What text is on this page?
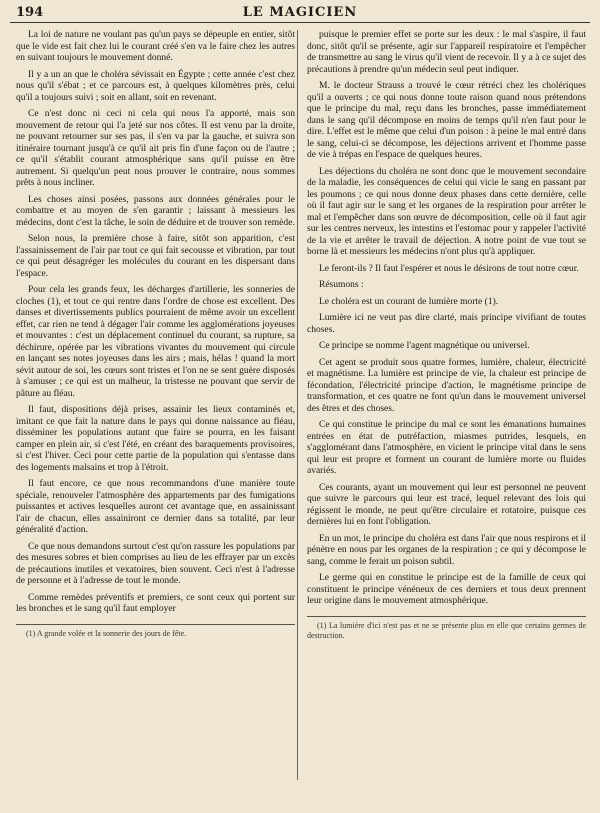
194	LE MAGICIEN

La loi de nature ne voulant pas qu'un pays se dépeuple en entier, sitôt que le vide est fait chez lui le courant créé s'en va le faire chez les autres en suivant toujours le mouvement donné.

Il y a un an que le choléra sévissait en Égypte ; cette année c'est chez nous qu'il s'ébat ; et ce parcours est, à quelques kilomètres près, celui qu'il a toujours suivi ; soit en allant, soit en revenant.

Ce n'est donc ni ceci ni cela qui nous l'a apporté, mais son mouvement de retour qui l'a jeté sur nos côtes. Il est venu par la droite, ne pouvant retourner sur ses pas, il s'en va par la gauche, et suivra son itinéraire tournant jusqu'à ce qu'il ait pris fin d'une façon ou de l'autre ; ce qu'il s'établit courant atmosphérique sans qu'il puisse en être autrement. Si quelqu'un peut nous prouver le contraire, nous sommes prêts à nous incliner.

Les choses ainsi posées, passons aux données générales pour le combattre et au moyen de s'en garantir ; laissant à messieurs les médecins, dont c'est la tâche, le soin de déduire et de trouver son remède.

Selon nous, la première chose à faire, sitôt son apparition, c'est l'assainissement de l'air par tout ce qui fait secousse et vibration, par tout ce qui peut désagréger les molécules du courant en les dispersant dans l'espace.

Pour cela les grands feux, les décharges d'artillerie, les sonneries de cloches (1), et tout ce qui rentre dans l'ordre de chose est excellent. Des danses et divertissements publics pourraient de même avoir un excellent effet, car rien ne tend à dégager l'air comme les agglomérations joyeuses et mouvantes : c'est un déplacement continuel du courant, sa rupture, sa déchirure, opérée par les vibrations vivantes du mouvement qui circule en lançant ses notes joyeuses dans les airs ; mais, hélas ! quand la mort sévit autour de soi, les cœurs sont tristes et l'on ne se sent guère disposés à s'amuser ; ce qui est un malheur, la tristesse ne pouvant que servir de pâture au fléau.

Il faut, dispositions déjà prises, assainir les lieux contaminés et, imitant ce que fait la nature dans le pays qui donne naissance au fléau, disséminer les populations autant que faire se pourra, en les faisant camper en plein air, si c'est l'été, en créant des baraquements provisoires, si c'est l'hiver. Ceci pour cette partie de la population qui s'entasse dans des logements malsains et trop à l'étroit.

Il faut encore, ce que nous recommandons d'une manière toute spéciale, renouveler l'atmosphère des appartements par des fumigations puissantes et actives lesquelles auront cet avantage que, en assainissant l'air de chacun, elles assainiront ce dernier dans sa totalité, par leur généralité d'action.

Ce que nous demandons surtout c'est qu'on rassure les populations par des mesures sobres et bien comprises au lieu de les effrayer par un excès de précautions inutiles et vexatoires, bien souvent. Ceci n'est à l'adresse de personne et à l'adresse de tout le monde.

Comme remèdes préventifs et premiers, ce sont ceux qui portent sur les bronches et le sang qu'il faut employer

(1) A grande volée et la sonnerie des jours de fête.

puisque le premier effet se porte sur les deux : le mal s'aspire, il faut donc, sitôt qu'il se présente, agir sur l'appareil respiratoire et l'empêcher de transmettre au sang le virus qu'il vient de recevoir. Il y a à ce sujet des précautions à prendre qu'un médecin seul peut indiquer.

M. le docteur Strauss a trouvé le cœur rétréci chez les cholériques qu'il a ouverts ; ce qui nous donne toute raison quand nous prétendons que le principe du mal, reçu dans les bronches, passe immédiatement dans le sang qu'il décompose en moins de temps qu'il n'en faut pour le dire. L'effet est le même que celui d'un poison : à peine le mal entré dans le sang, celui-ci se décompose, les déjections arrivent et l'homme passe de vie à trépas en l'espace de quelques heures.

Les déjections du choléra ne sont donc que le mouvement secondaire de la maladie, les conséquences de celui qui vicie le sang en passant par les poumons ; ce qui nous donne deux phases dans cette dernière, celle où il faut agir sur le sang et les organes de la respiration pour arrêter le mal et l'empêcher dans son œuvre de décomposition, celle où il faut agir sur les centres nerveux, les intestins et l'estomac pour y rappeler l'activité de la vie et arrêter le travail de déjection. A notre point de vue tout se borne là et messieurs les médecins n'ont plus qu'à appliquer.

Le feront-ils ? Il faut l'espérer et nous le désirons de tout notre cœur.

Résumons :

Le choléra est un courant de lumière morte (1).

Lumière ici ne veut pas dire clarté, mais principe vivifiant de toutes choses.

Ce principe se nomme l'agent magnétique ou universel.

Cet agent se produit sous quatre formes, lumière, chaleur, électricité et magnétisme. La lumière est principe de vie, la chaleur est principe de fécondation, l'électricité principe d'action, le magnétisme principe de transformation, et ces quatre ne font qu'un dans le mouvement universel des êtres et des choses.

Ce qui constitue le principe du mal ce sont les émanations humaines entrées en état de putréfaction, miasmes putrides, lesquels, en s'agglomérant dans l'atmosphère, en vicient le principe vital dans le sens qui leur est propre et forment un courant de lumière morte ou fluides avariés.

Ces courants, ayant un mouvement qui leur est personnel ne peuvent que suivre le parcours qui leur est tracé, lequel relevant des lois qui régissent le monde, ne peut qu'être circulaire et rotatoire, puisque ces dernières lui en font l'obligation.

En un mot, le principe du choléra est dans l'air que nous respirons et il pénètre en nous par les organes de la respiration ; ce qui y décompose le sang, comme le ferait un poison subtil.

Le germe qui en constitue le principe est de la famille de ceux qui constituent le principe vénéneux de ces derniers et tous deux prennent leur origine dans le mouvement atmosphérique.

(1) La lumière d'ici n'est pas et ne se présente plus en elle que certains germes de destruction.
